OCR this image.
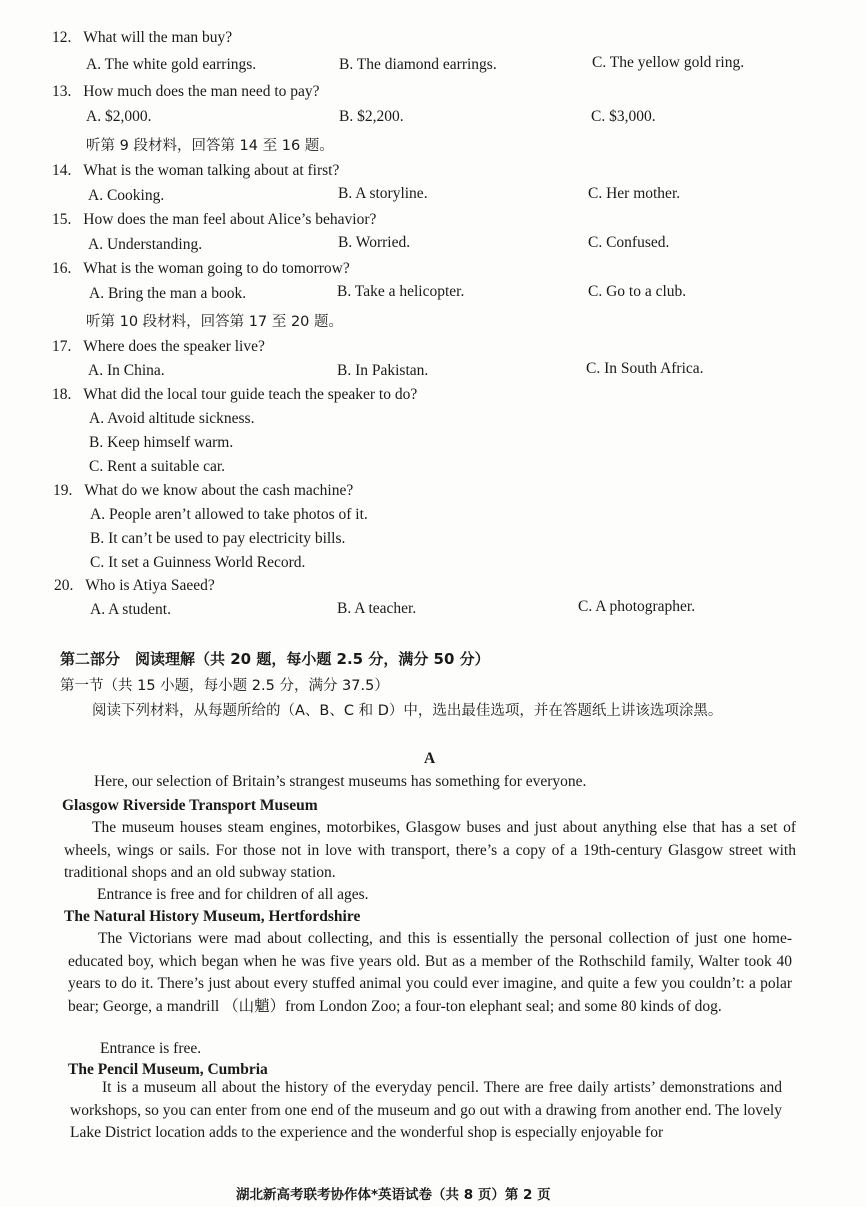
12. What will the man buy?
A. The white gold earrings.	B. The diamond earrings.	C. The yellow gold ring.
13. How much does the man need to pay?
A. $2,000.	B. $2,200.	C. $3,000.
听第 9 段材料，回答第 14 至 16 题。
14. What is the woman talking about at first?
A. Cooking.	B. A storyline.	C. Her mother.
15. How does the man feel about Alice’s behavior?
A. Understanding.	B. Worried.	C. Confused.
16. What is the woman going to do tomorrow?
A. Bring the man a book.	B. Take a helicopter.	C. Go to a club.
听第 10 段材料，回答第 17 至 20 题。
17. Where does the speaker live?
A. In China.	B. In Pakistan.	C. In South Africa.
18. What did the local tour guide teach the speaker to do?
A. Avoid altitude sickness.
B. Keep himself warm.
C. Rent a suitable car.
19. What do we know about the cash machine?
A. People aren’t allowed to take photos of it.
B. It can’t be used to pay electricity bills.
C. It set a Guinness World Record.
20. Who is Atiya Saeed?
A. A student.	B. A teacher.	C. A photographer.
第二部分　阅读理解（共 20 题，每小题 2.5 分，满分 50 分）
第一节（共 15 小题，每小题 2.5 分，满分 37.5）
阅读下列材料，从每题所给的（A、B、C 和 D）中，选出最佳选项，并在答题纸上讲该选项涂黑。
A
Here, our selection of Britain’s strangest museums has something for everyone.
Glasgow Riverside Transport Museum
The museum houses steam engines, motorbikes, Glasgow buses and just about anything else that has a set of wheels, wings or sails. For those not in love with transport, there’s a copy of a 19th-century Glasgow street with traditional shops and an old subway station.
Entrance is free and for children of all ages.
The Natural History Museum, Hertfordshire
The Victorians were mad about collecting, and this is essentially the personal collection of just one home-educated boy, which began when he was five years old. But as a member of the Rothschild family, Walter took 40 years to do it. There’s just about every stuffed animal you could ever imagine, and quite a few you couldn’t: a polar bear; George, a mandrill （山魈）from London Zoo; a four-ton elephant seal; and some 80 kinds of dog.
Entrance is free.
The Pencil Museum, Cumbria
It is a museum all about the history of the everyday pencil. There are free daily artists’ demonstrations and workshops, so you can enter from one end of the museum and go out with a drawing from another end. The lovely Lake District location adds to the experience and the wonderful shop is especially enjoyable for
湖北新高考联考协作体*英语试卷（共 8 页）第 2 页
